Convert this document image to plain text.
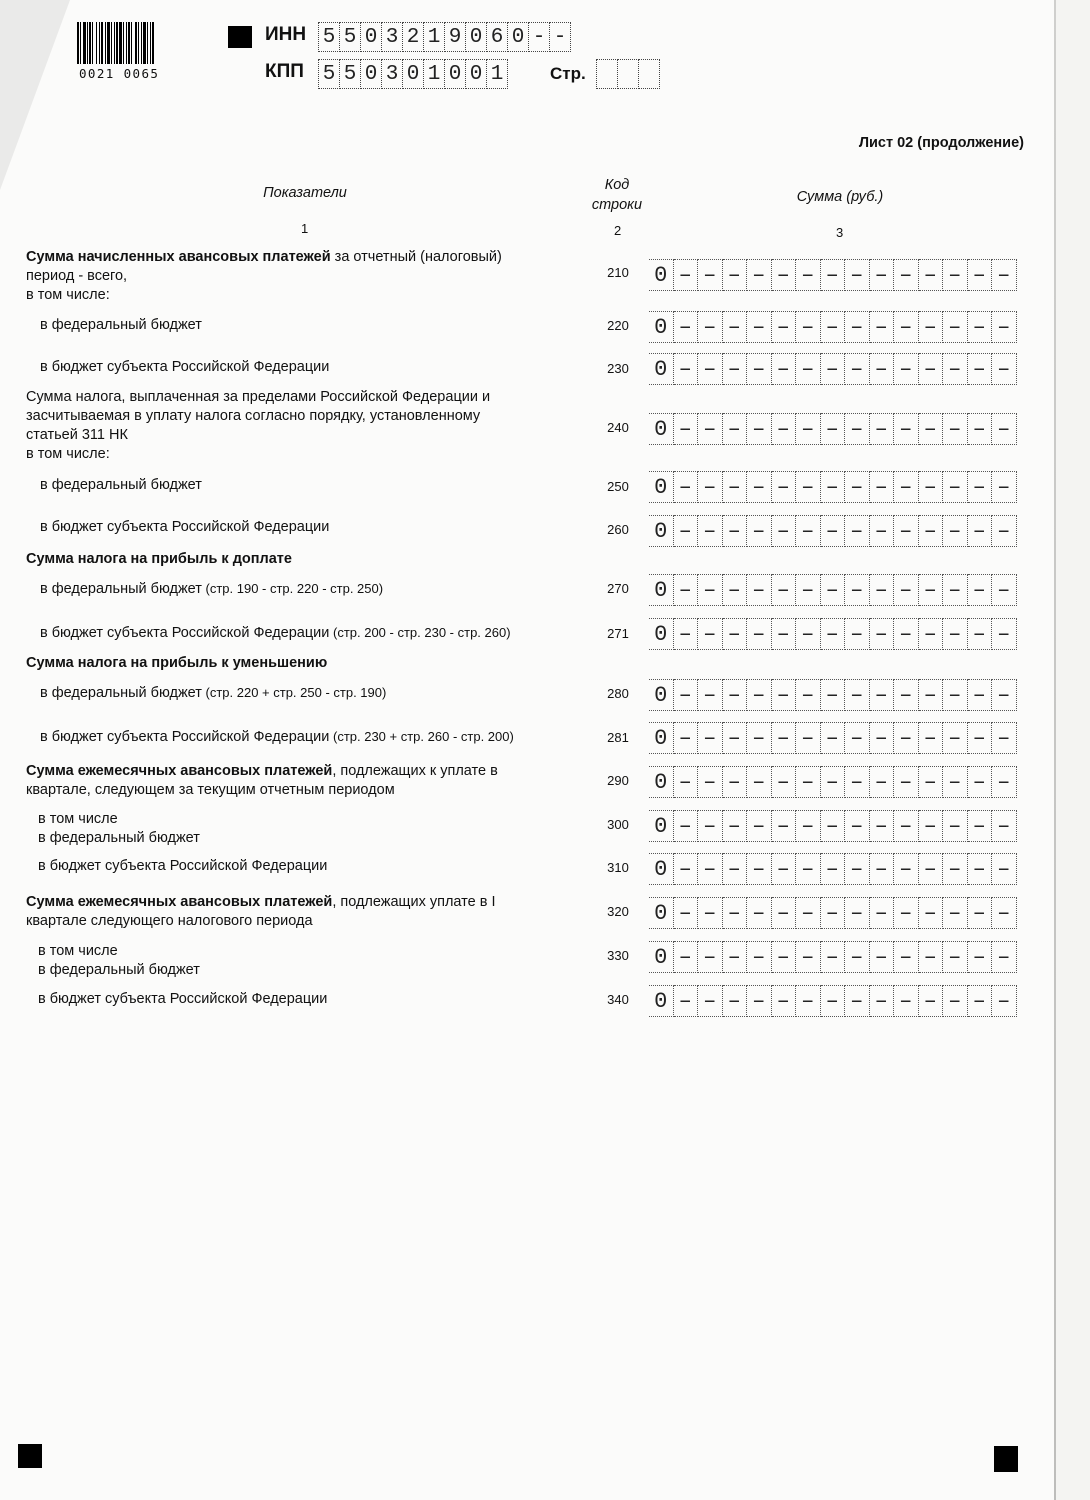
0021 0065
ИНН 5 5 0 3 2 1 9 0 6 0 - -
КПП 5 5 0 3 0 1 0 0 1	Стр.
Лист 02 (продолжение)
Показатели	Код
строки	Сумма (руб.)
1	2	3
Сумма начисленных авансовых платежей за отчетный (налоговый)
период - всего,
в том числе:
210 0 – – – – – – – – – – – – – –
в федеральный бюджет	220 0 – – – – – – – – – – – – – –
в бюджет субъекта Российской Федерации	230 0 – – – – – – – – – – – – – –
Сумма налога, выплаченная за пределами Российской Федерации и
засчитываемая в уплату налога согласно порядку, установленному
статьей 311 НК
в том числе:
240 0 – – – – – – – – – – – – – –
в федеральный бюджет	250 0 – – – – – – – – – – – – – –
в бюджет субъекта Российской Федерации	260 0 – – – – – – – – – – – – – –
Сумма налога на прибыль к доплате
в федеральный бюджет (стр. 190 - стр. 220 - стр. 250)	270 0 – – – – – – – – – – – – – –
в бюджет субъекта Российской Федерации (стр. 200 - стр. 230 - стр. 260)	271 0 – – – – – – – – – – – – – –
Сумма налога на прибыль к уменьшению
в федеральный бюджет (стр. 220 + стр. 250 - стр. 190)	280 0 – – – – – – – – – – – – – –
в бюджет субъекта Российской Федерации (стр. 230 + стр. 260 - стр. 200)	281 0 – – – – – – – – – – – – – –
Сумма ежемесячных авансовых платежей, подлежащих к уплате в
квартале, следующем за текущим отчетным периодом
290 0 – – – – – – – – – – – – – –
в том числе
в федеральный бюджет
300 0 – – – – – – – – – – – – – –
в бюджет субъекта Российской Федерации	310 0 – – – – – – – – – – – – – –
Сумма ежемесячных авансовых платежей, подлежащих уплате в I
квартале следующего налогового периода
320 0 – – – – – – – – – – – – – –
в том числе
в федеральный бюджет
330 0 – – – – – – – – – – – – – –
в бюджет субъекта Российской Федерации	340 0 – – – – – – – – – – – – – –
